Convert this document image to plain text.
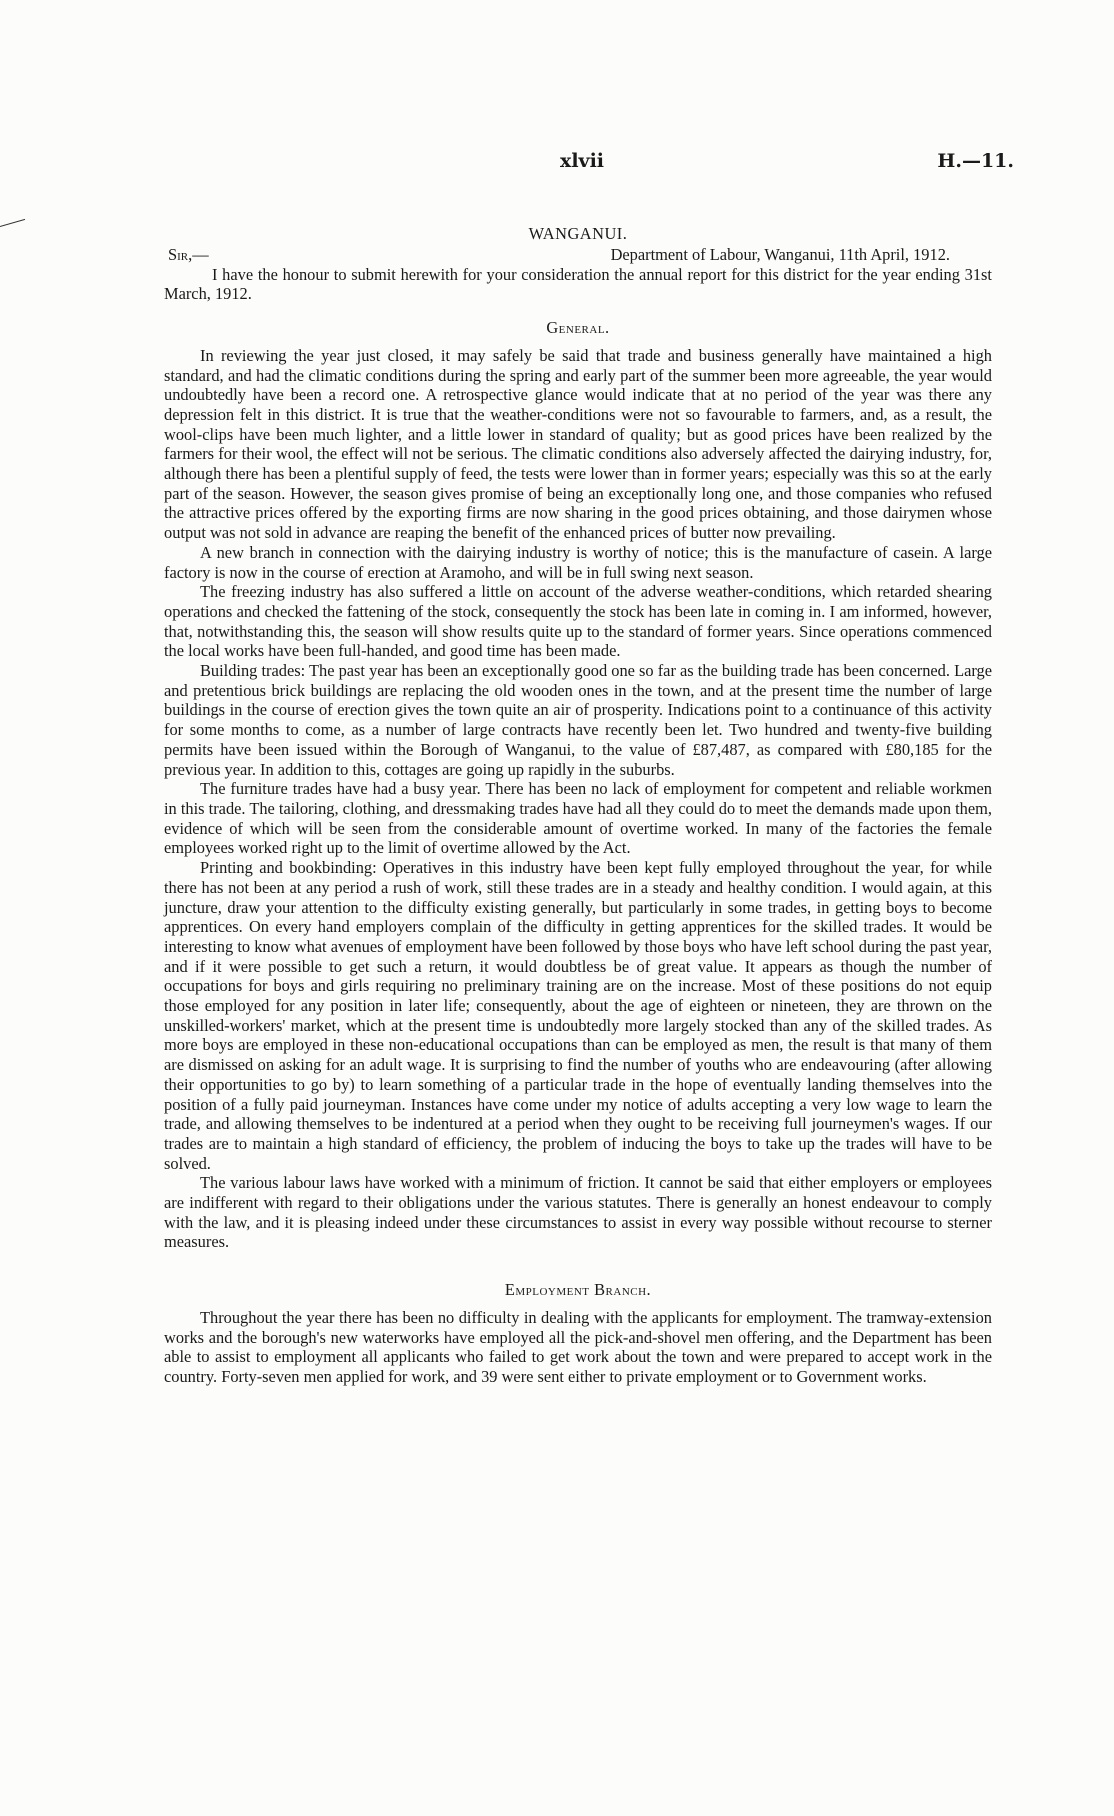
xlvii	H.—11.
WANGANUI.
Sir,—	Department of Labour, Wanganui, 11th April, 1912.

I have the honour to submit herewith for your consideration the annual report for this district for the year ending 31st March, 1912.

General.

In reviewing the year just closed, it may safely be said that trade and business generally have maintained a high standard, and had the climatic conditions during the spring and early part of the summer been more agreeable, the year would undoubtedly have been a record one. A retrospective glance would indicate that at no period of the year was there any depression felt in this district. It is true that the weather-conditions were not so favourable to farmers, and, as a result, the wool-clips have been much lighter, and a little lower in standard of quality; but as good prices have been realized by the farmers for their wool, the effect will not be serious. The climatic conditions also adversely affected the dairying industry, for, although there has been a plentiful supply of feed, the tests were lower than in former years; especially was this so at the early part of the season. However, the season gives promise of being an exceptionally long one, and those companies who refused the attractive prices offered by the exporting firms are now sharing in the good prices obtaining, and those dairymen whose output was not sold in advance are reaping the benefit of the enhanced prices of butter now prevailing.

A new branch in connection with the dairying industry is worthy of notice; this is the manufacture of casein. A large factory is now in the course of erection at Aramoho, and will be in full swing next season.

The freezing industry has also suffered a little on account of the adverse weather-conditions, which retarded shearing operations and checked the fattening of the stock, consequently the stock has been late in coming in. I am informed, however, that, notwithstanding this, the season will show results quite up to the standard of former years. Since operations commenced the local works have been full-handed, and good time has been made.

Building trades: The past year has been an exceptionally good one so far as the building trade has been concerned. Large and pretentious brick buildings are replacing the old wooden ones in the town, and at the present time the number of large buildings in the course of erection gives the town quite an air of prosperity. Indications point to a continuance of this activity for some months to come, as a number of large contracts have recently been let. Two hundred and twenty-five building permits have been issued within the Borough of Wanganui, to the value of £87,487, as compared with £80,185 for the previous year. In addition to this, cottages are going up rapidly in the suburbs.

The furniture trades have had a busy year. There has been no lack of employment for competent and reliable workmen in this trade. The tailoring, clothing, and dressmaking trades have had all they could do to meet the demands made upon them, evidence of which will be seen from the considerable amount of overtime worked. In many of the factories the female employees worked right up to the limit of overtime allowed by the Act.

Printing and bookbinding: Operatives in this industry have been kept fully employed throughout the year, for while there has not been at any period a rush of work, still these trades are in a steady and healthy condition. I would again, at this juncture, draw your attention to the difficulty existing generally, but particularly in some trades, in getting boys to become apprentices. On every hand employers complain of the difficulty in getting apprentices for the skilled trades. It would be interesting to know what avenues of employment have been followed by those boys who have left school during the past year, and if it were possible to get such a return, it would doubtless be of great value. It appears as though the number of occupations for boys and girls requiring no preliminary training are on the increase. Most of these positions do not equip those employed for any position in later life; consequently, about the age of eighteen or nineteen, they are thrown on the unskilled-workers' market, which at the present time is undoubtedly more largely stocked than any of the skilled trades. As more boys are employed in these non-educational occupations than can be employed as men, the result is that many of them are dismissed on asking for an adult wage. It is surprising to find the number of youths who are endeavouring (after allowing their opportunities to go by) to learn something of a particular trade in the hope of eventually landing themselves into the position of a fully paid journeyman. Instances have come under my notice of adults accepting a very low wage to learn the trade, and allowing themselves to be indentured at a period when they ought to be receiving full journeymen's wages. If our trades are to maintain a high standard of efficiency, the problem of inducing the boys to take up the trades will have to be solved.

The various labour laws have worked with a minimum of friction. It cannot be said that either employers or employees are indifferent with regard to their obligations under the various statutes. There is generally an honest endeavour to comply with the law, and it is pleasing indeed under these circumstances to assist in every way possible without recourse to sterner measures.

Employment Branch.

Throughout the year there has been no difficulty in dealing with the applicants for employment. The tramway-extension works and the borough's new waterworks have employed all the pick-and-shovel men offering, and the Department has been able to assist to employment all applicants who failed to get work about the town and were prepared to accept work in the country. Forty-seven men applied for work, and 39 were sent either to private employment or to Government works.
